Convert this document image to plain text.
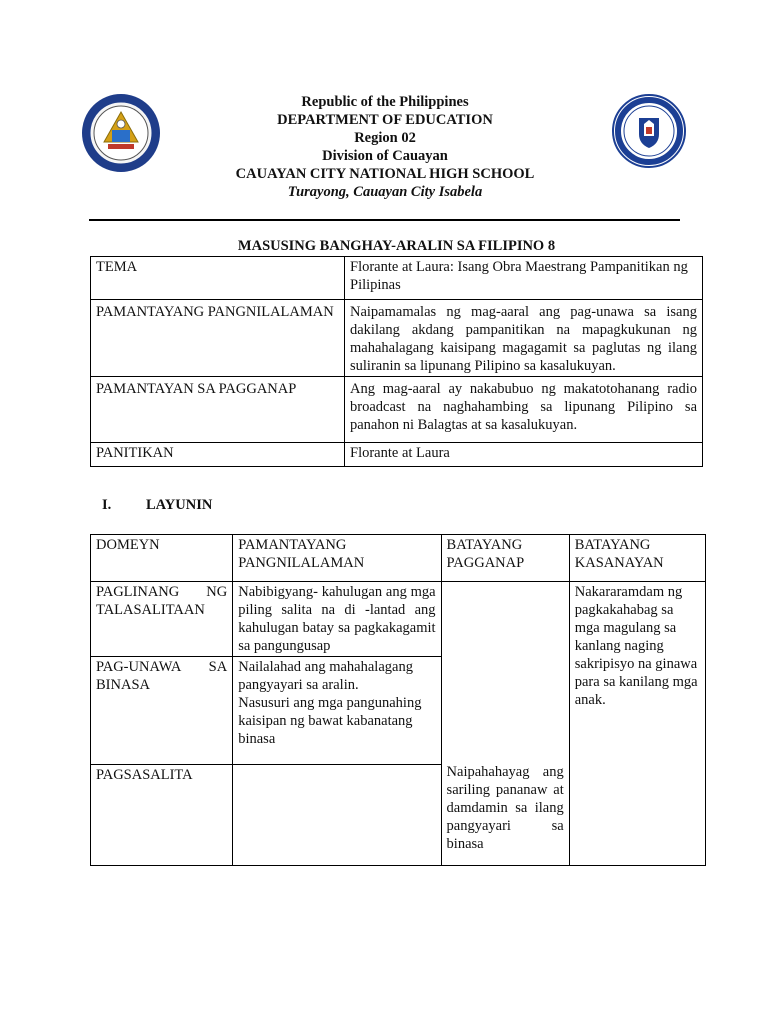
Republic of the Philippines
DEPARTMENT OF EDUCATION
Region 02
Division of Cauayan
CAUAYAN CITY NATIONAL HIGH SCHOOL
Turayong, Cauayan City Isabela
MASUSING BANGHAY-ARALIN SA FILIPINO 8
TEMA	Florante at Laura: Isang Obra Maestrang Pampanitikan ng Pilipinas
PAMANTAYANG PANGNILALAMAN	Naipamamalas ng mag-aaral ang pag-unawa sa isang dakilang akdang pampanitikan na mapagkukunan ng mahahalagang kaisipang magagamit sa paglutas ng ilang suliranin sa lipunang Pilipino sa kasalukuyan.
PAMANTAYAN SA PAGGANAP	Ang mag-aaral ay nakabubuo ng makatotohanang radio broadcast na naghahambing sa lipunang Pilipino sa panahon ni Balagtas at sa kasalukuyan.
PANITIKAN	Florante at Laura
I. LAYUNIN
DOMEYN	PAMANTAYANG PANGNILALAMAN	BATAYANG PAGGANAP	BATAYANG KASANAYAN
PAGLINANG NG TALASALITAAN	Nabibigyang- kahulugan ang mga piling salita na di -lantad ang kahulugan batay sa pagkakagamit sa pangungusap	Naipahahayag ang sariling pananaw at damdamin sa ilang pangyayari sa binasa	Nakararamdam ng pagkakahabag sa mga magulang sa kanlang naging sakripisyo na ginawa para sa kanilang mga anak.

PAG-UNAWA SA BINASA	Nailalahad ang mahahalagang pangyayari sa aralin.
Nasusuri ang mga pangunahing kaisipan ng bawat kabanatang binasa		
PAGSASALITA			
